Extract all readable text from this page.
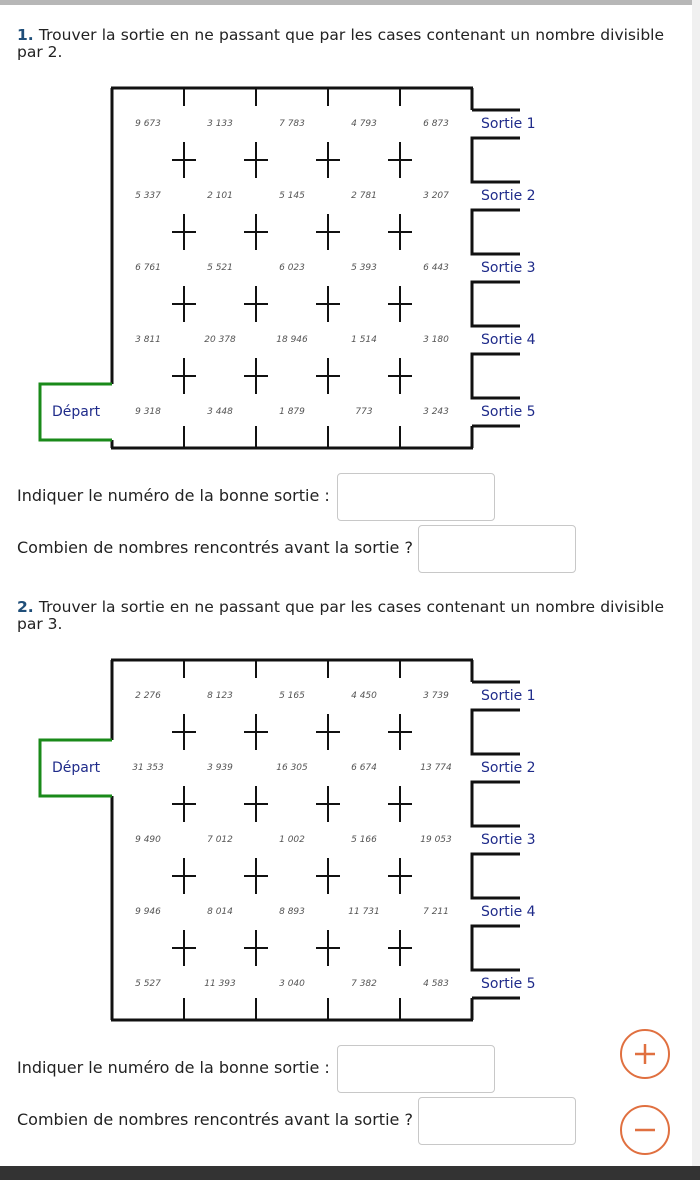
1. Trouver la sortie en ne passant que par les cases contenant un nombre divisible par 2.
9 673	3 133	7 783	4 793	6 873
5 337	2 101	5 145	2 781	3 207
6 761	5 521	6 023	5 393	6 443
3 811	20 378	18 946	1 514	3 180
9 318	3 448	1 879	773	3 243
Sortie 1
Sortie 2
Sortie 3
Sortie 4
Sortie 5
Départ
Indiquer le numéro de la bonne sortie :
Combien de nombres rencontrés avant la sortie ?
2. Trouver la sortie en ne passant que par les cases contenant un nombre divisible par 3.
2 276	8 123	5 165	4 450	3 739
31 353	3 939	16 305	6 674	13 774
9 490	7 012	1 002	5 166	19 053
9 946	8 014	8 893	11 731	7 211
5 527	11 393	3 040	7 382	4 583
Sortie 1
Sortie 2
Sortie 3
Sortie 4
Sortie 5
Départ
Indiquer le numéro de la bonne sortie :
Combien de nombres rencontrés avant la sortie ?
